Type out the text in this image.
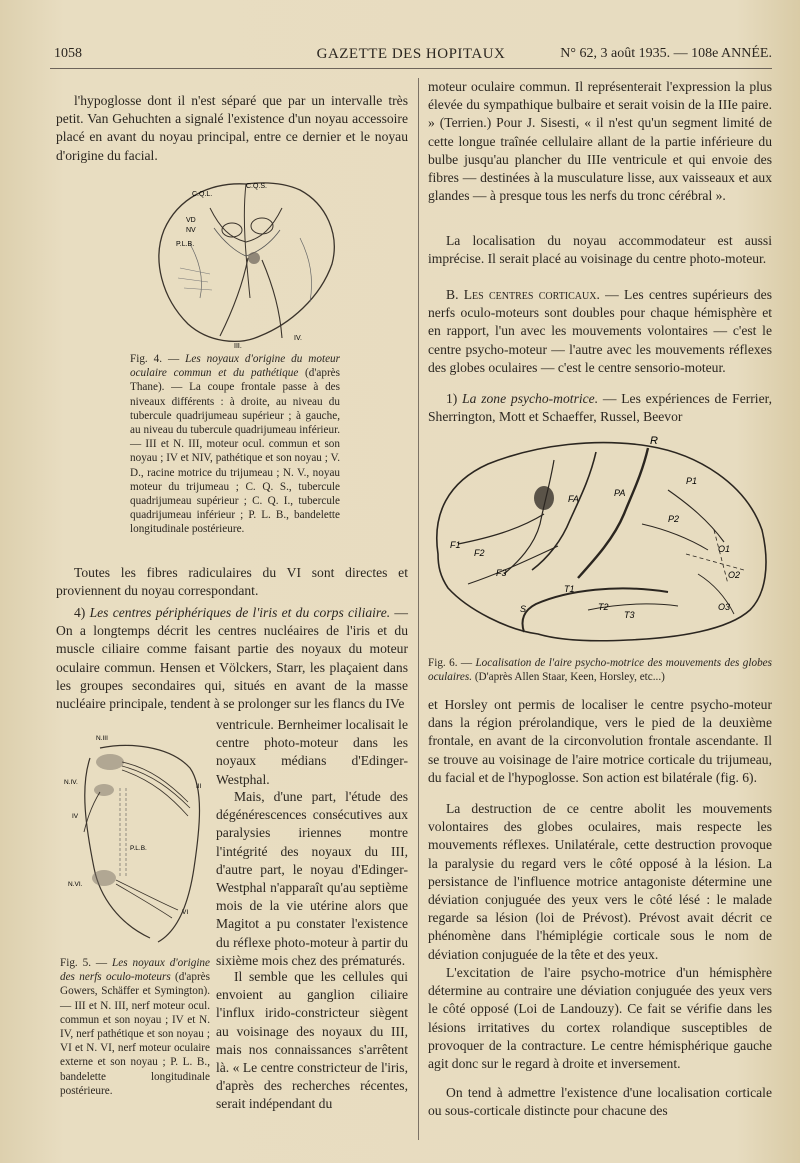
1058	GAZETTE DES HOPITAUX	N° 62, 3 août 1935. — 108e ANNÉE.

l'hypoglosse dont il n'est séparé que par un intervalle très petit. Van Gehuchten a signalé l'existence d'un noyau accessoire placé en avant du noyau principal, entre ce dernier et le noyau d'origine du facial.

C.Q.S.
C.Q.L.
VD
NV
P.L.B.
III.
IV.
Fig. 4. — Les noyaux d'origine du moteur oculaire commun et du pathétique (d'après Thane). — La coupe frontale passe à des niveaux différents : à droite, au niveau du tubercule quadrijumeau supérieur ; à gauche, au niveau du tubercule quadrijumeau inférieur. — III et N. III, moteur ocul. commun et son noyau ; IV et NIV, pathétique et son noyau ; V. D., racine motrice du trijumeau ; N. V., noyau moteur du trijumeau ; C. Q. S., tubercule quadrijumeau supérieur ; C. Q. I., tubercule quadrijumeau inférieur ; P. L. B., bandelette longitudinale postérieure.

Toutes les fibres radiculaires du VI sont directes et proviennent du noyau correspondant.

4) Les centres périphériques de l'iris et du corps ciliaire. — On a longtemps décrit les centres nucléaires de l'iris et du muscle ciliaire comme faisant partie des noyaux du moteur oculaire commun. Hensen et Völckers, Starr, les plaçaient dans les groupes secondaires qui, situés en avant de la masse nucléaire principale, tendent à se prolonger sur les flancs du IVe

N.III
N.IV.
IV
III
P.L.B.
N.VI.
VI
Fig. 5. — Les noyaux d'origine des nerfs oculo-moteurs (d'après Gowers, Schäffer et Symington). — III et N. III, nerf moteur ocul. commun et son noyau ; IV et N. IV, nerf pathétique et son noyau ; VI et N. VI, nerf moteur oculaire externe et son noyau ; P. L. B., bandelette longitudinale postérieure.

ventricule. Bernheimer localisait le centre photo-moteur dans les noyaux médians d'Edinger-Westphal.

Mais, d'une part, l'étude des dégénérescences consécutives aux paralysies iriennes montre l'intégrité des noyaux du III, d'autre part, le noyau d'Edinger-Westphal n'apparaît qu'au septième mois de la vie utérine alors que Magitot a pu constater l'existence du réflexe photo-moteur à partir du sixième mois chez des prématurés.

Il semble que les cellules qui envoient au ganglion ciliaire l'influx irido-constricteur siègent au voisinage des noyaux du III, mais nos connaissances s'arrêtent là. « Le centre constricteur de l'iris, d'après des recherches récentes, serait indépendant du

moteur oculaire commun. Il représenterait l'expression la plus élevée du sympathique bulbaire et serait voisin de la IIIe paire. » (Terrien.) Pour J. Sisesti, « il n'est qu'un segment limité de cette longue traînée cellulaire allant de la partie inférieure du bulbe jusqu'au plancher du IIIe ventricule et qui envoie des fibres — destinées à la musculature lisse, aux vaisseaux et aux glandes — à presque tous les nerfs du tronc cérébral ».

La localisation du noyau accommodateur est aussi imprécise. Il serait placé au voisinage du centre photo-moteur.

B. Les centres corticaux. — Les centres supérieurs des nerfs oculo-moteurs sont doubles pour chaque hémisphère et en rapport, l'un avec les mouvements volontaires — c'est le centre psycho-moteur — l'autre avec les mouvements réflexes des globes oculaires — c'est le centre sensorio-moteur.

1) La zone psycho-motrice. — Les expériences de Ferrier, Sherrington, Mott et Schaeffer, Russel, Beevor

R
FA
PA
P1
P2
F1
F2
F3
S
T1
T2
T3
O1
O2
O3
Fig. 6. — Localisation de l'aire psycho-motrice des mouvements des globes oculaires. (D'après Allen Staar, Keen, Horsley, etc...)

et Horsley ont permis de localiser le centre psycho-moteur dans la région prérolandique, vers le pied de la deuxième frontale, en avant de la circonvolution frontale ascendante. Il se trouve au voisinage de l'aire motrice corticale du trijumeau, du facial et de l'hypoglosse. Son action est bilatérale (fig. 6).

La destruction de ce centre abolit les mouvements volontaires des globes oculaires, mais respecte les mouvements réflexes. Unilatérale, cette destruction provoque la paralysie du regard vers le côté opposé à la lésion. La persistance de l'influence motrice antagoniste détermine une déviation conjuguée des yeux vers le côté lésé : le malade regarde sa lésion (loi de Prévost). Prévost avait décrit ce phénomène dans l'hémiplégie corticale sous le nom de déviation conjuguée de la tête et des yeux.

L'excitation de l'aire psycho-motrice d'un hémisphère détermine au contraire une déviation conjuguée des yeux vers le côté opposé (Loi de Landouzy). Ce fait se vérifie dans les lésions irritatives du cortex rolandique susceptibles de provoquer de la contracture. Le centre hémisphérique gauche agit donc sur le regard à droite et inversement.

On tend à admettre l'existence d'une localisation corticale ou sous-corticale distincte pour chacune des
